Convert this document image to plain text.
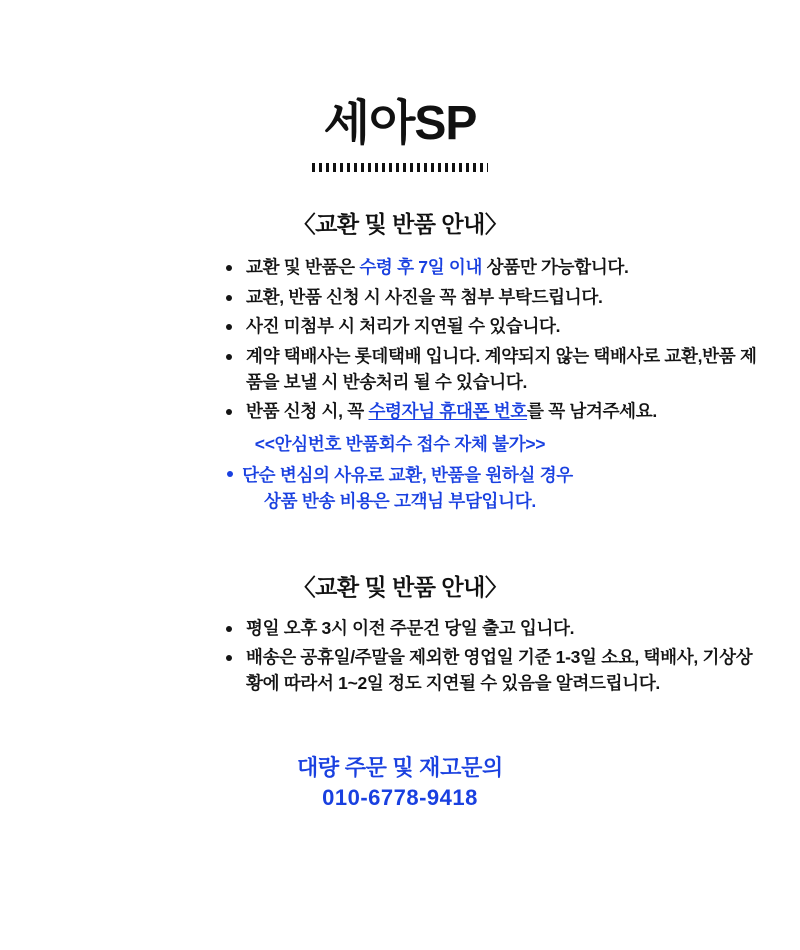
세아SP
〈교환 및 반품 안내〉
교환 및 반품은 수령 후 7일 이내 상품만 가능합니다.
교환, 반품 신청 시 사진을 꼭 첨부 부탁드립니다.
사진 미첨부 시 처리가 지연될 수 있습니다.
계약 택배사는 롯데택배 입니다. 계약되지 않는 택배사로 교환,반품 제품을 보낼 시 반송처리 될 수 있습니다.
반품 신청 시, 꼭 수령자님 휴대폰 번호를 꼭 남겨주세요.
<<안심번호 반품회수 접수 자체 불가>>
단순 변심의 사유로 교환, 반품을 원하실 경우
상품 반송 비용은 고객님 부담입니다.
〈교환 및 반품 안내〉
평일 오후 3시 이전 주문건 당일 출고 입니다.
배송은 공휴일/주말을 제외한 영업일 기준 1-3일 소요, 택배사, 기상상황에 따라서 1~2일 정도 지연될 수 있음을 알려드립니다.
대량 주문 및 재고문의
010-6778-9418
